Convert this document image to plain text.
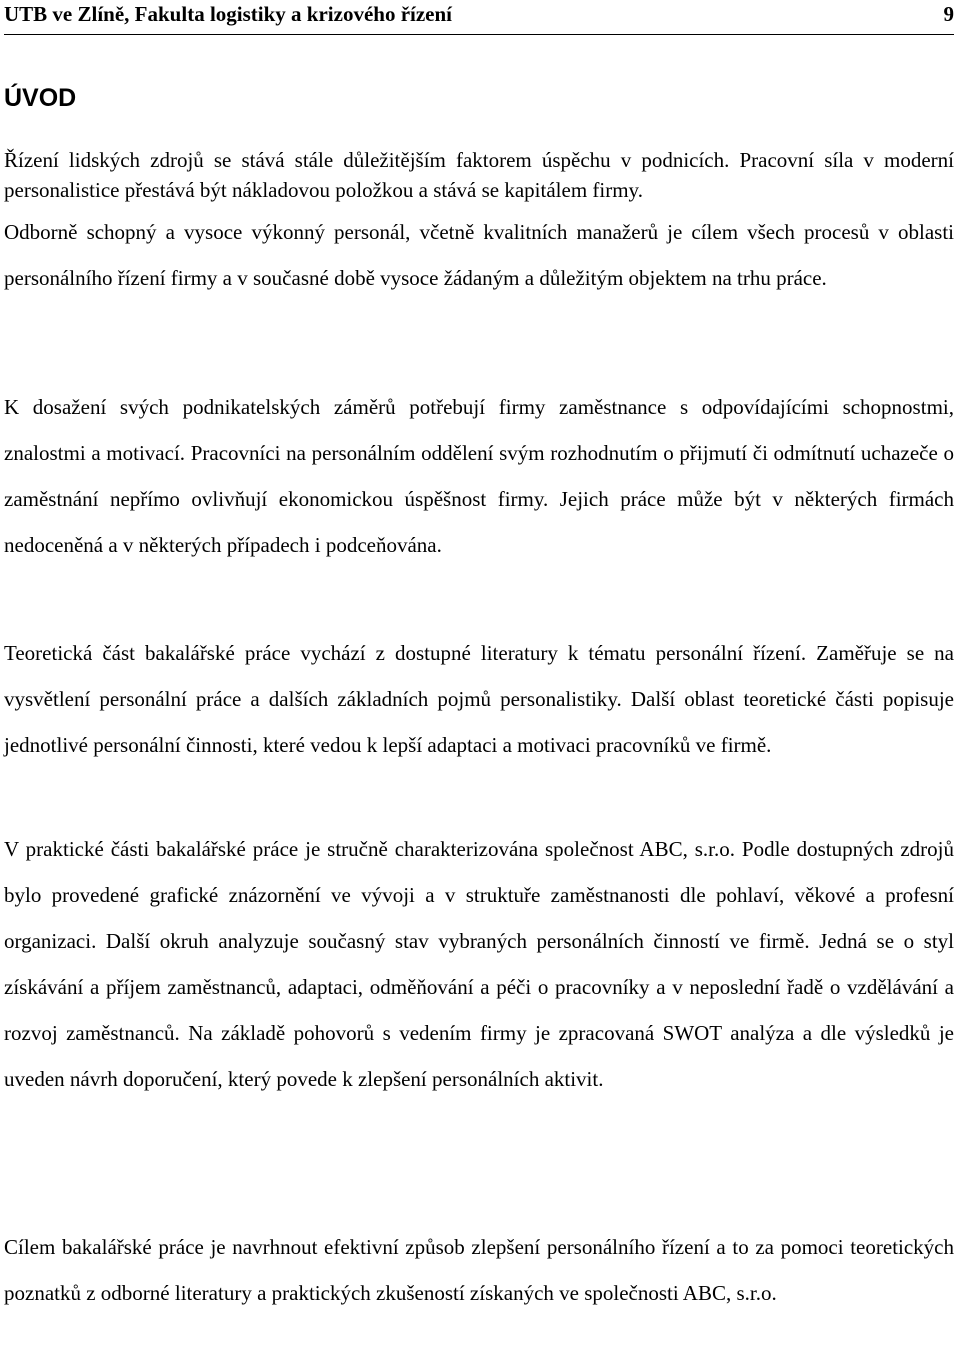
UTB ve Zlíně, Fakulta logistiky a krizového řízení	9
ÚVOD

Řízení lidských zdrojů se stává stále důležitějším faktorem úspěchu v podnicích. Pracovní síla v moderní personalistice přestává být nákladovou položkou a stává se kapitálem firmy.

Odborně schopný a vysoce výkonný personál, včetně kvalitních manažerů je cílem všech procesů v oblasti personálního řízení firmy a v současné době vysoce žádaným a důležitým objektem na trhu práce.

K dosažení svých podnikatelských záměrů potřebují firmy zaměstnance s odpovídajícími schopnostmi, znalostmi a motivací. Pracovníci na personálním oddělení svým rozhodnutím o přijmutí či odmítnutí uchazeče o zaměstnání nepřímo ovlivňují ekonomickou úspěšnost firmy. Jejich práce může být v některých firmách nedoceněná a v některých případech i podceňována.

Teoretická část bakalářské práce vychází z dostupné literatury k tématu personální řízení. Zaměřuje se na vysvětlení personální práce a dalších základních pojmů personalistiky. Další oblast teoretické části popisuje jednotlivé personální činnosti, které vedou k lepší adaptaci a motivaci pracovníků ve firmě.

V praktické části bakalářské práce je stručně charakterizována společnost ABC, s.r.o. Podle dostupných zdrojů bylo provedené grafické znázornění ve vývoji a v struktuře zaměstnanosti dle pohlaví, věkové a profesní organizaci. Další okruh analyzuje současný stav vybraných personálních činností ve firmě. Jedná se o styl získávání a příjem zaměstnanců, adaptaci, odměňování a péči o pracovníky a v neposlední řadě o vzdělávání a rozvoj zaměstnanců. Na základě pohovorů s vedením firmy je zpracovaná SWOT analýza a dle výsledků je uveden návrh doporučení, který povede k zlepšení personálních aktivit.

Cílem bakalářské práce je navrhnout efektivní způsob zlepšení personálního řízení a to za pomoci teoretických poznatků z odborné literatury a praktických zkušeností získaných ve společnosti ABC, s.r.o.
